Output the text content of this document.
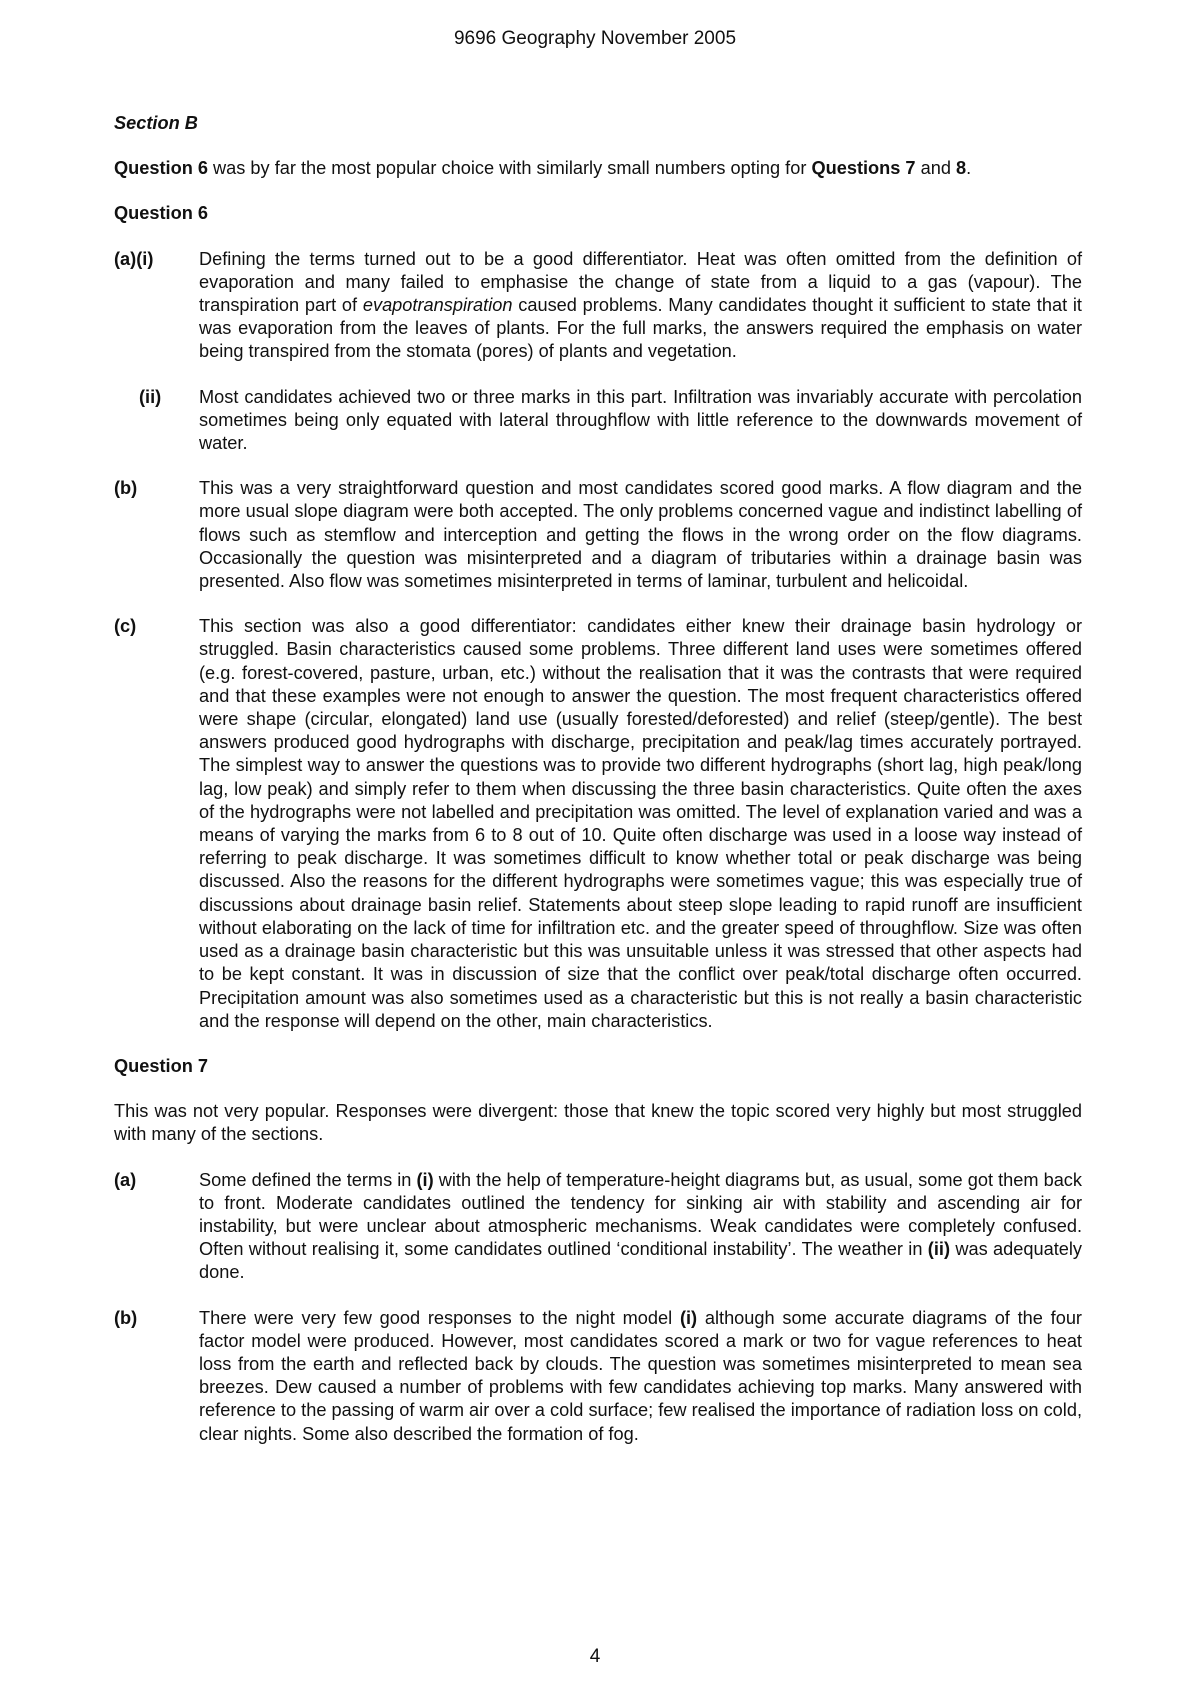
9696 Geography November 2005
Section B

Question 6 was by far the most popular choice with similarly small numbers opting for Questions 7 and 8.

Question 6
(a)(i)	Defining the terms turned out to be a good differentiator. Heat was often omitted from the definition of evaporation and many failed to emphasise the change of state from a liquid to a gas (vapour). The transpiration part of evapotranspiration caused problems. Many candidates thought it sufficient to state that it was evaporation from the leaves of plants. For the full marks, the answers required the emphasis on water being transpired from the stomata (pores) of plants and vegetation.
(ii)	Most candidates achieved two or three marks in this part. Infiltration was invariably accurate with percolation sometimes being only equated with lateral throughflow with little reference to the downwards movement of water.
(b)	This was a very straightforward question and most candidates scored good marks. A flow diagram and the more usual slope diagram were both accepted. The only problems concerned vague and indistinct labelling of flows such as stemflow and interception and getting the flows in the wrong order on the flow diagrams. Occasionally the question was misinterpreted and a diagram of tributaries within a drainage basin was presented. Also flow was sometimes misinterpreted in terms of laminar, turbulent and helicoidal.
(c)	This section was also a good differentiator: candidates either knew their drainage basin hydrology or struggled. Basin characteristics caused some problems. Three different land uses were sometimes offered (e.g. forest-covered, pasture, urban, etc.) without the realisation that it was the contrasts that were required and that these examples were not enough to answer the question. The most frequent characteristics offered were shape (circular, elongated) land use (usually forested/deforested) and relief (steep/gentle). The best answers produced good hydrographs with discharge, precipitation and peak/lag times accurately portrayed. The simplest way to answer the questions was to provide two different hydrographs (short lag, high peak/long lag, low peak) and simply refer to them when discussing the three basin characteristics. Quite often the axes of the hydrographs were not labelled and precipitation was omitted. The level of explanation varied and was a means of varying the marks from 6 to 8 out of 10. Quite often discharge was used in a loose way instead of referring to peak discharge. It was sometimes difficult to know whether total or peak discharge was being discussed. Also the reasons for the different hydrographs were sometimes vague; this was especially true of discussions about drainage basin relief. Statements about steep slope leading to rapid runoff are insufficient without elaborating on the lack of time for infiltration etc. and the greater speed of throughflow. Size was often used as a drainage basin characteristic but this was unsuitable unless it was stressed that other aspects had to be kept constant. It was in discussion of size that the conflict over peak/total discharge often occurred. Precipitation amount was also sometimes used as a characteristic but this is not really a basin characteristic and the response will depend on the other, main characteristics.
Question 7

This was not very popular. Responses were divergent: those that knew the topic scored very highly but most struggled with many of the sections.

(a)	Some defined the terms in (i) with the help of temperature-height diagrams but, as usual, some got them back to front. Moderate candidates outlined the tendency for sinking air with stability and ascending air for instability, but were unclear about atmospheric mechanisms. Weak candidates were completely confused. Often without realising it, some candidates outlined ‘conditional instability’. The weather in (ii) was adequately done.
(b)	There were very few good responses to the night model (i) although some accurate diagrams of the four factor model were produced. However, most candidates scored a mark or two for vague references to heat loss from the earth and reflected back by clouds. The question was sometimes misinterpreted to mean sea breezes. Dew caused a number of problems with few candidates achieving top marks. Many answered with reference to the passing of warm air over a cold surface; few realised the importance of radiation loss on cold, clear nights. Some also described the formation of fog.
4
